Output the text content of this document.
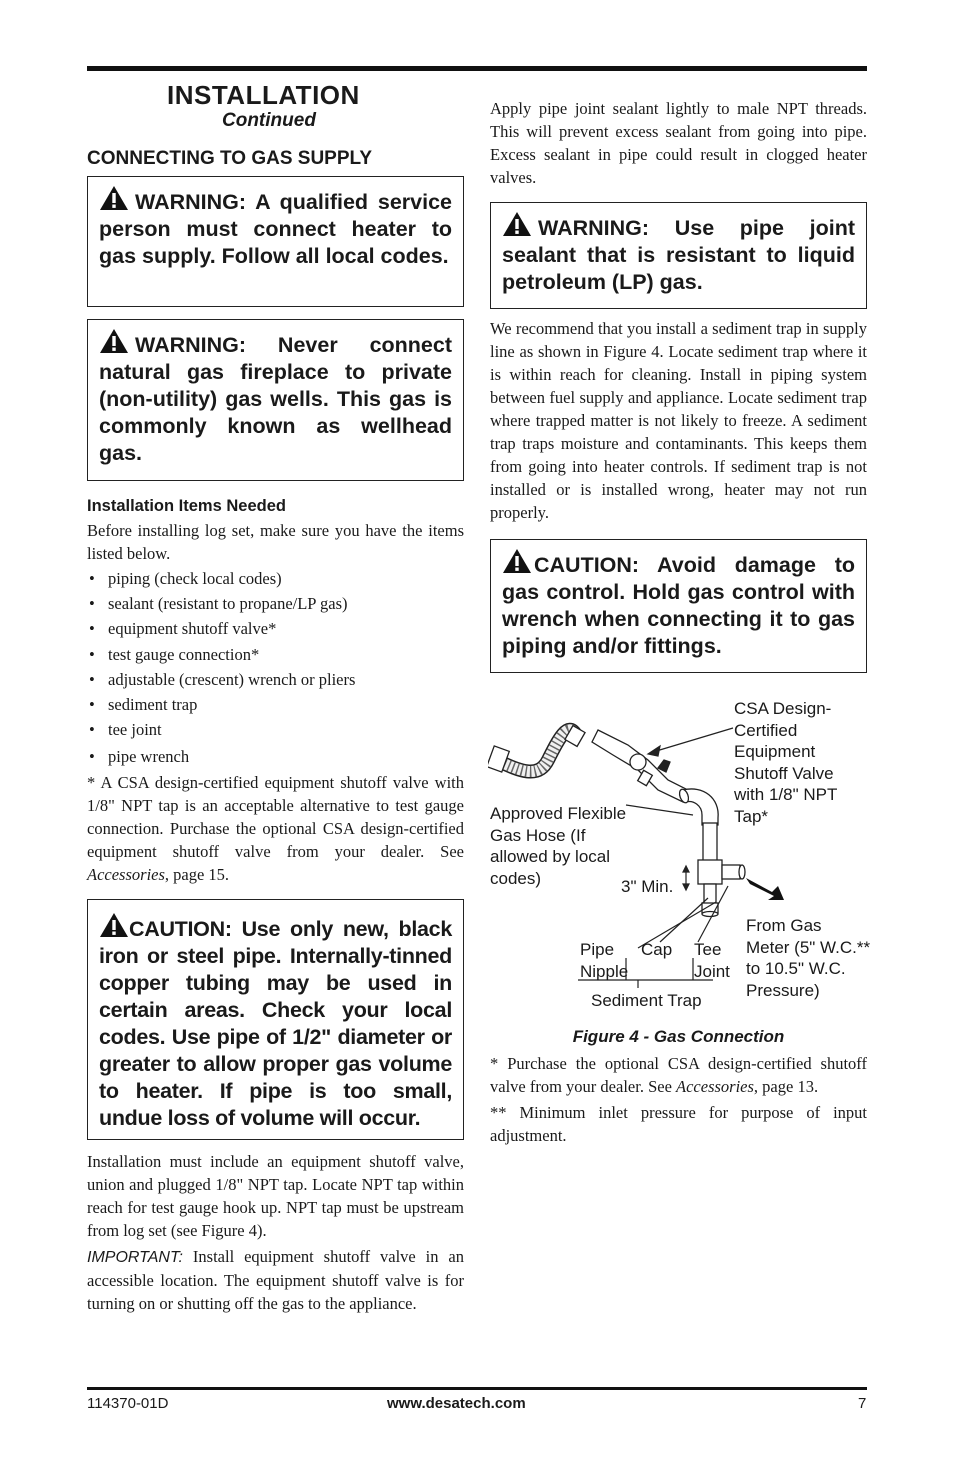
INSTALLATION
Continued
CONNECTING TO GAS SUPPLY
WARNING: A qualified service person must connect heater to gas supply. Follow all local codes.
WARNING: Never connect natural gas fireplace to private (non-utility) gas wells. This gas is commonly known as wellhead gas.
Installation Items Needed
Before installing log set, make sure you have the items listed below.
• piping (check local codes)
• sealant (resistant to propane/LP gas)
• equipment shutoff valve*
• test gauge connection*
• adjustable (crescent) wrench or pliers
• sediment trap
• tee joint
• pipe wrench
* A CSA design-certified equipment shutoff valve with 1/8" NPT tap is an acceptable alternative to test gauge connection. Purchase the optional CSA design-certified equipment shutoff valve from your dealer. See Accessories, page 15.
CAUTION: Use only new, black iron or steel pipe. Internally-tinned copper tubing may be used in certain areas. Check your local codes. Use pipe of 1/2" diameter or greater to allow proper gas volume to heater. If pipe is too small, undue loss of volume will occur.
Installation must include an equipment shutoff valve, union and plugged 1/8" NPT tap. Locate NPT tap within reach for test gauge hook up. NPT tap must be upstream from log set (see Figure 4).
IMPORTANT: Install equipment shutoff valve in an accessible location. The equipment shutoff valve is for turning on or shutting off the gas to the appliance.
Apply pipe joint sealant lightly to male NPT threads. This will prevent excess sealant from going into pipe. Excess sealant in pipe could result in clogged heater valves.
WARNING: Use pipe joint sealant that is resistant to liquid petroleum (LP) gas.
We recommend that you install a sediment trap in supply line as shown in Figure 4. Locate sediment trap where it is within reach for cleaning. Install in piping system between fuel supply and appliance. Locate sediment trap where trapped matter is not likely to freeze. A sediment trap traps moisture and contaminants. This keeps them from going into heater controls. If sediment trap is not installed or is installed wrong, heater may not run properly.
CAUTION: Avoid damage to gas control. Hold gas control with wrench when connecting it to gas piping and/or fittings.
CSA Design-
Certified
Equipment
Shutoff Valve
with 1/8" NPT
Tap*
Approved Flexible
Gas Hose (If
allowed by local
codes)	3" Min.
From Gas
Meter (5" W.C.**
to 10.5" W.C.
Pressure)
Pipe
Nipple
Cap Tee
Joint
Sediment Trap
Figure 4 - Gas Connection
* Purchase the optional CSA design-certified shutoff valve from your dealer. See Accessories, page 13.
** Minimum inlet pressure for purpose of input adjustment.
114370-01D	www.desatech.com	7
